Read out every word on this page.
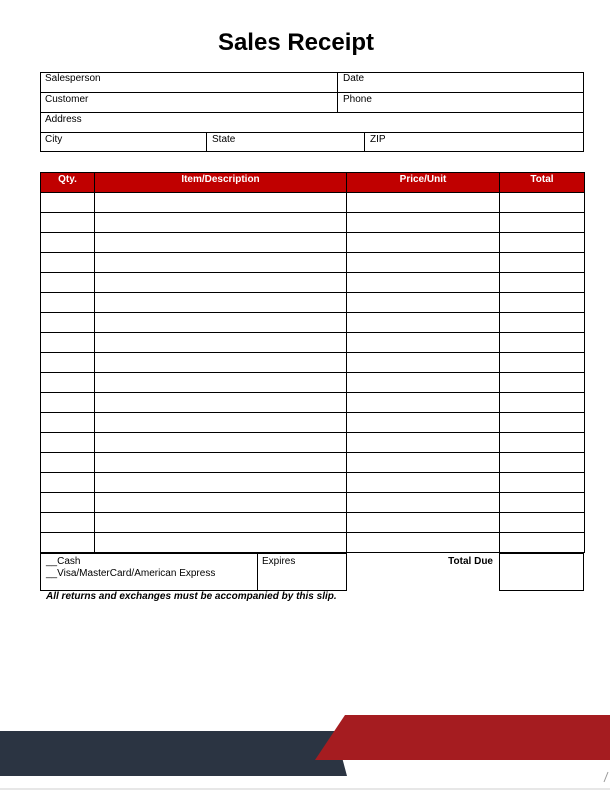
Sales Receipt
Salesperson	Date
Customer	Phone
Address
City	State	ZIP
Qty.	Item/Description	Price/Unit	Total

__Cash
__Visa/MasterCard/American Express
Expires	Total Due
All returns and exchanges must be accompanied by this slip.
